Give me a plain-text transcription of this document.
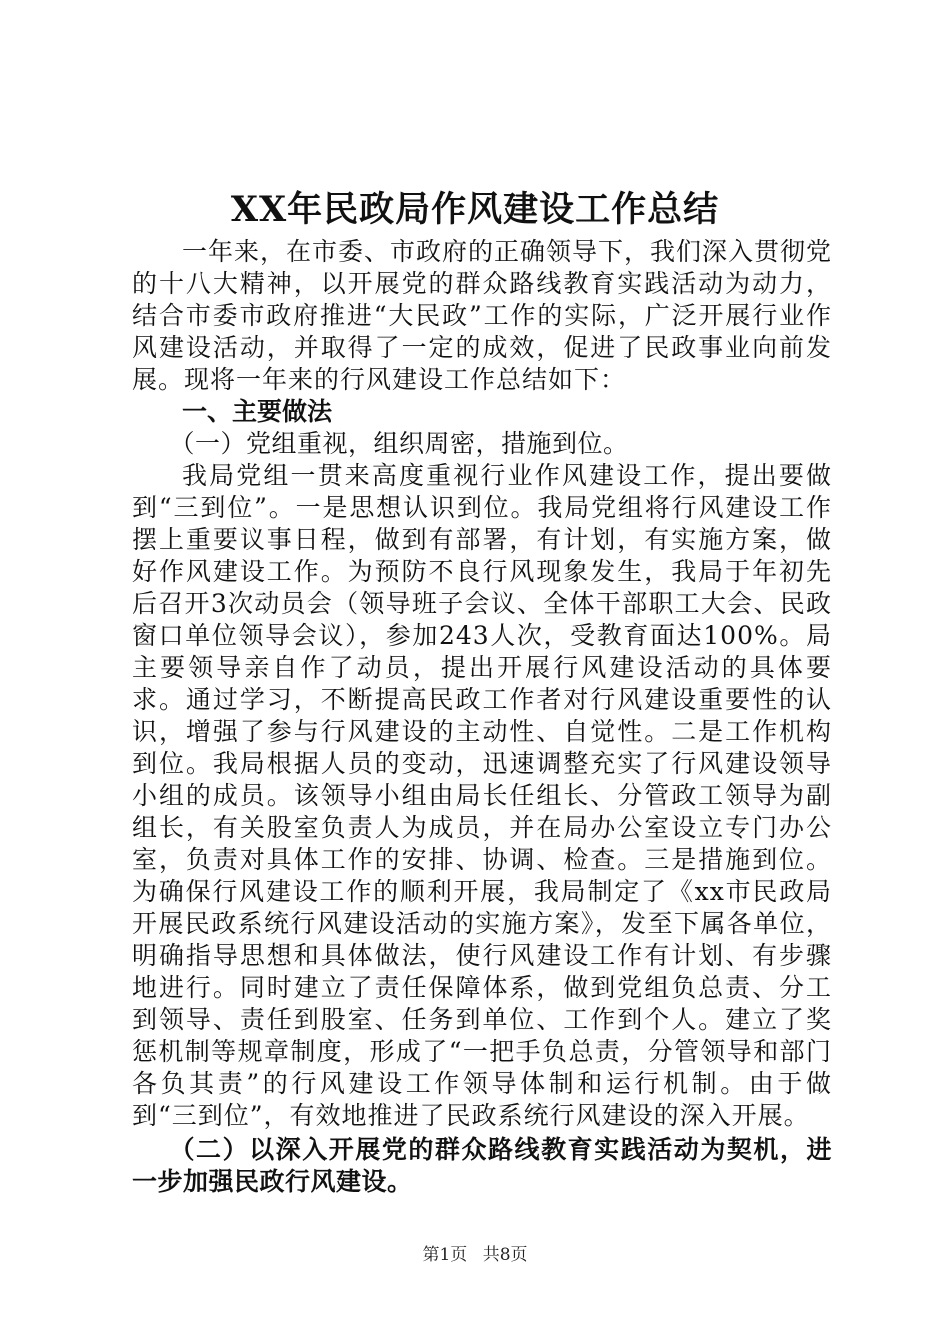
XX年民政局作风建设工作总结

一年来，在市委、市政府的正确领导下，我们深入贯彻党的十八大精神，以开展党的群众路线教育实践活动为动力，结合市委市政府推进“大民政”工作的实际，广泛开展行业作风建设活动，并取得了一定的成效，促进了民政事业向前发展。现将一年来的行风建设工作总结如下：

一、主要做法

（一）党组重视，组织周密，措施到位。

我局党组一贯来高度重视行业作风建设工作，提出要做到“三到位”。一是思想认识到位。我局党组将行风建设工作摆上重要议事日程，做到有部署，有计划，有实施方案，做好作风建设工作。为预防不良行风现象发生，我局于年初先后召开3次动员会（领导班子会议、全体干部职工大会、民政窗口单位领导会议），参加243人次，受教育面达100%。局主要领导亲自作了动员，提出开展行风建设活动的具体要求。通过学习，不断提高民政工作者对行风建设重要性的认识，增强了参与行风建设的主动性、自觉性。二是工作机构到位。我局根据人员的变动，迅速调整充实了行风建设领导小组的成员。该领导小组由局长任组长、分管政工领导为副组长，有关股室负责人为成员，并在局办公室设立专门办公室，负责对具体工作的安排、协调、检查。三是措施到位。为确保行风建设工作的顺利开展，我局制定了《xx市民政局开展民政系统行风建设活动的实施方案》，发至下属各单位，明确指导思想和具体做法，使行风建设工作有计划、有步骤地进行。同时建立了责任保障体系，做到党组负总责、分工到领导、责任到股室、任务到单位、工作到个人。建立了奖惩机制等规章制度，形成了“一把手负总责，分管领导和部门各负其责”的行风建设工作领导体制和运行机制。由于做到“三到位”，有效地推进了民政系统行风建设的深入开展。

（二）以深入开展党的群众路线教育实践活动为契机，进一步加强民政行风建设。

第1页 共8页
